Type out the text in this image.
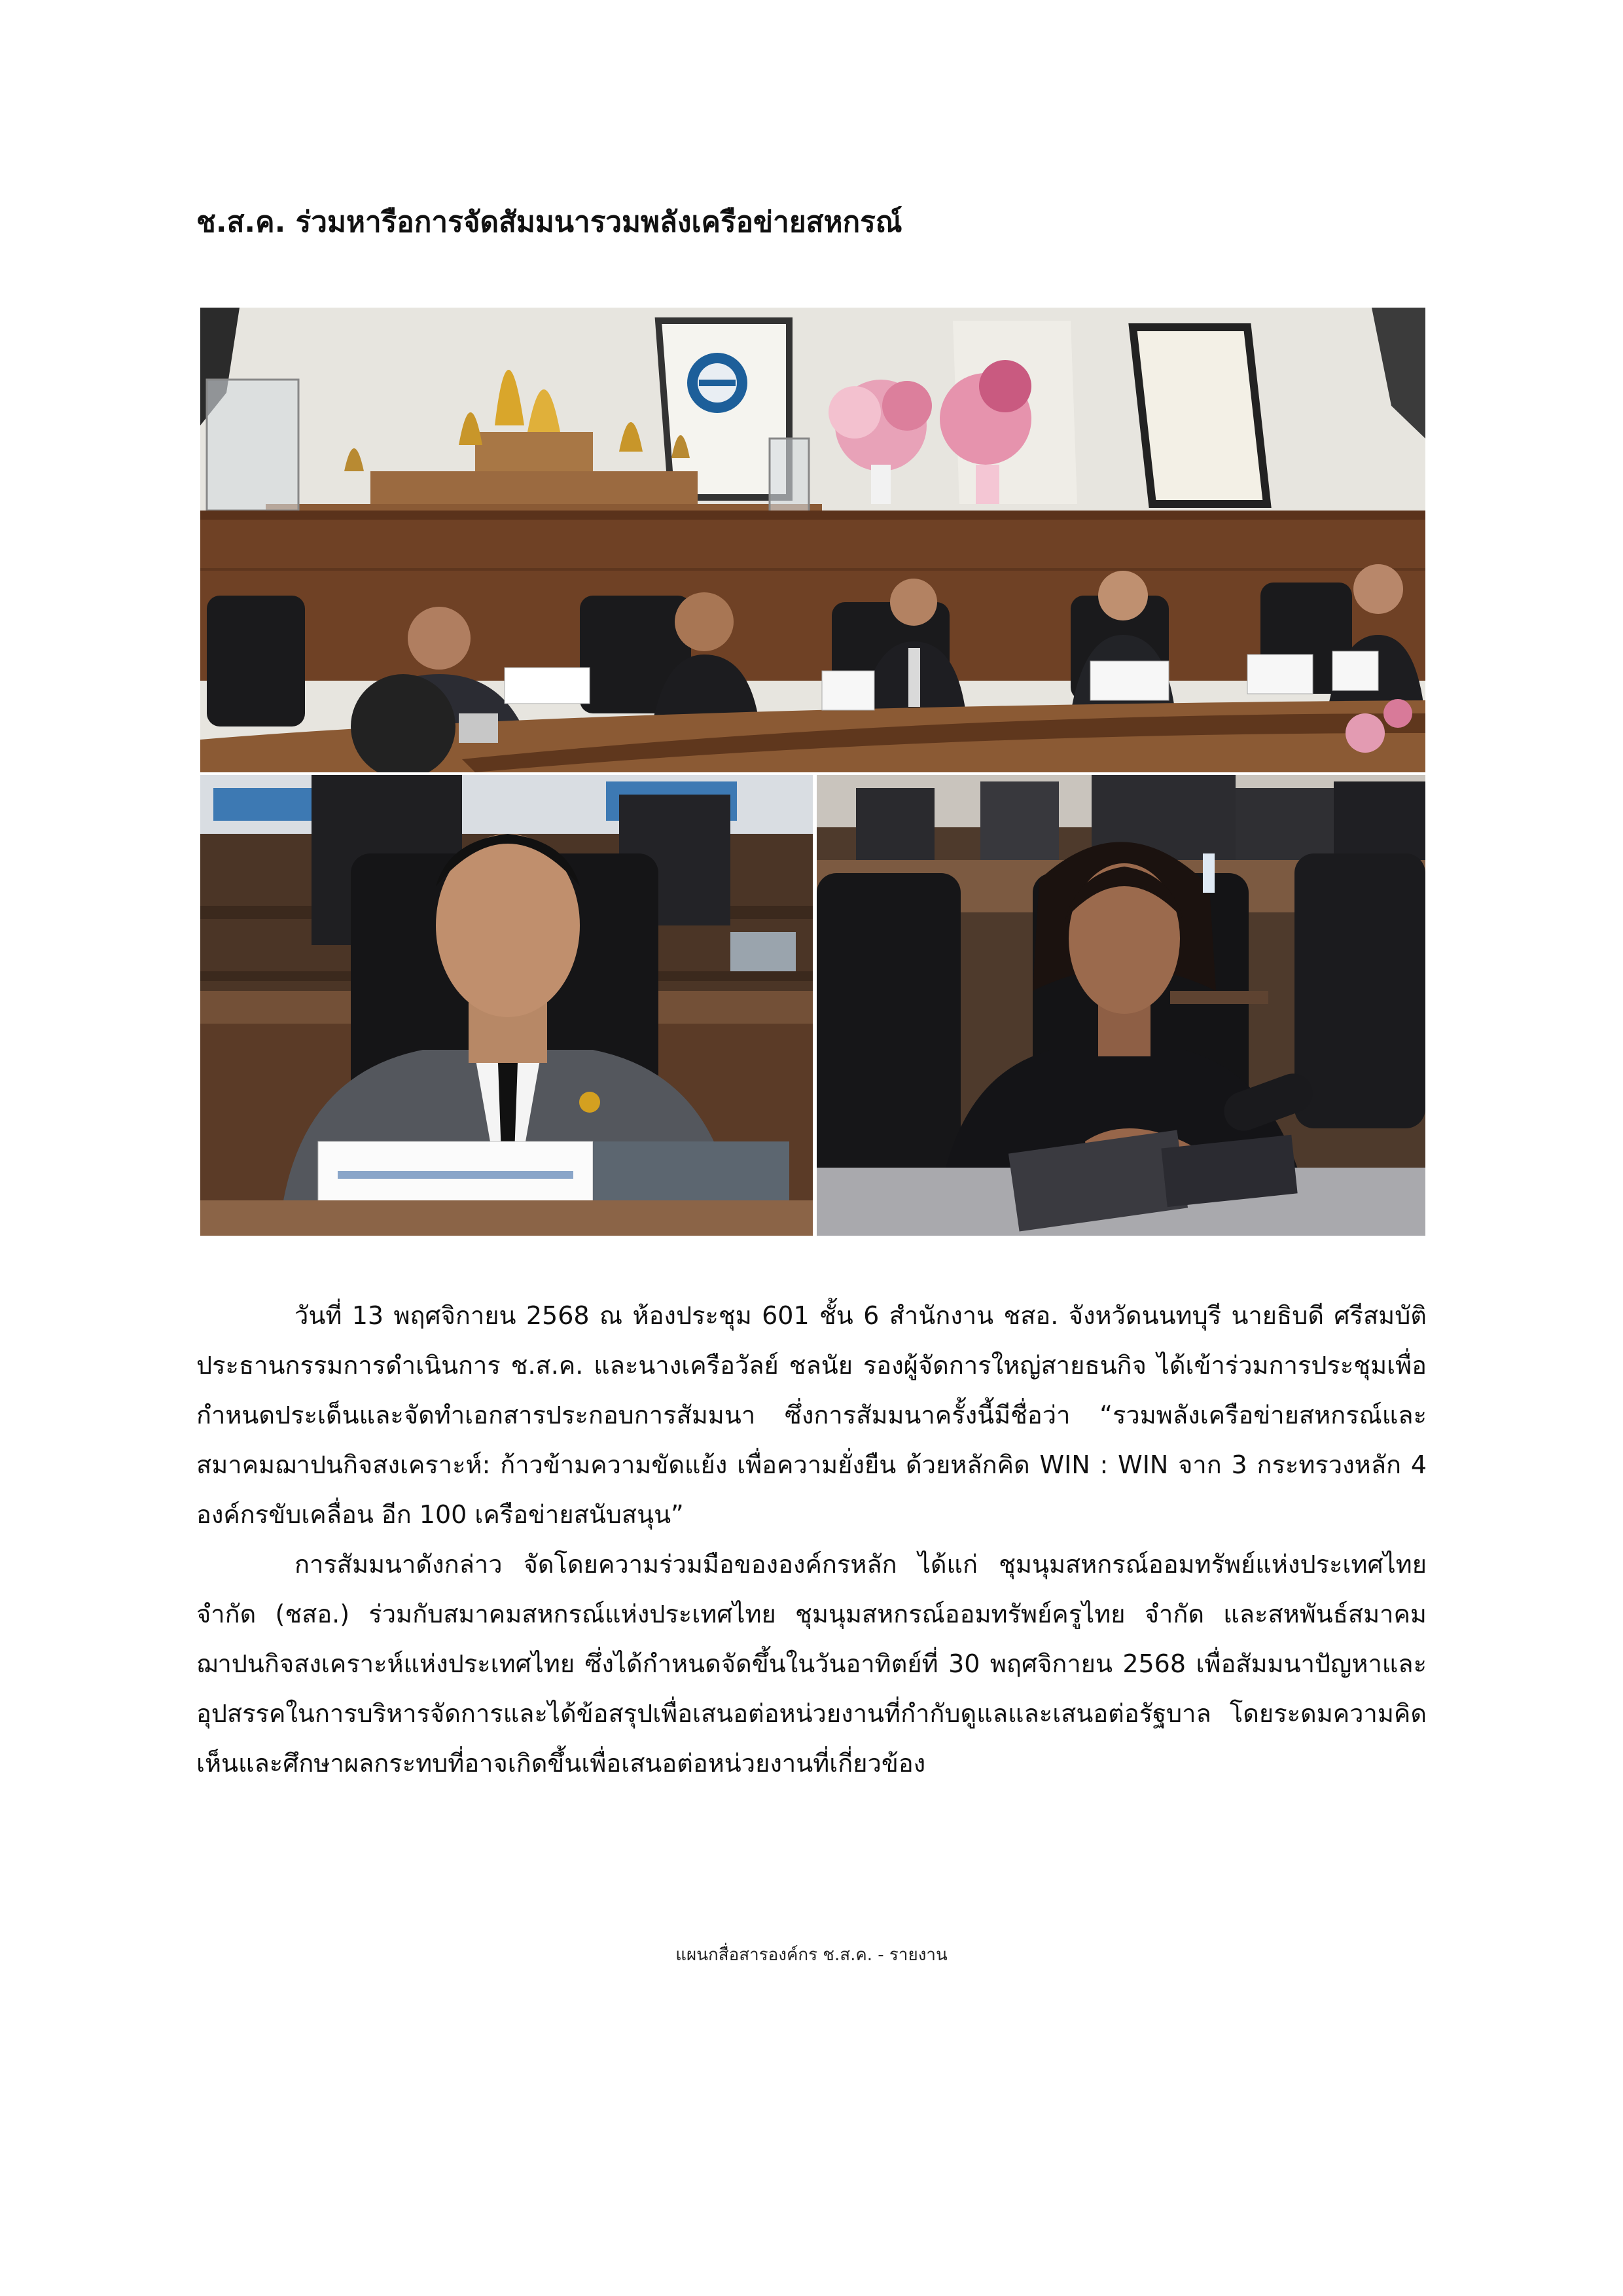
ช.ส.ค. ร่วมหารือการจัดสัมมนารวมพลังเครือข่ายสหกรณ์

วันที่ 13 พฤศจิกายน 2568 ณ ห้องประชุม 601 ชั้น 6 สำนักงาน ชสอ. จังหวัดนนทบุรี นายธิบดี ศรีสมบัติ ประธานกรรมการดำเนินการ ช.ส.ค. และนางเครือวัลย์ ชลนัย รองผู้จัดการใหญ่สายธนกิจ ได้เข้าร่วมการประชุมเพื่อกำหนดประเด็นและจัดทำเอกสารประกอบการสัมมนา ซึ่งการสัมมนาครั้งนี้มีชื่อว่า “รวมพลังเครือข่ายสหกรณ์และสมาคมฌาปนกิจสงเคราะห์: ก้าวข้ามความขัดแย้ง เพื่อความยั่งยืน ด้วยหลักคิด WIN : WIN จาก 3 กระทรวงหลัก 4 องค์กรขับเคลื่อน อีก 100 เครือข่ายสนับสนุน”

การสัมมนาดังกล่าว จัดโดยความร่วมมือขององค์กรหลัก ได้แก่ ชุมนุมสหกรณ์ออมทรัพย์แห่งประเทศไทย จำกัด (ชสอ.) ร่วมกับสมาคมสหกรณ์แห่งประเทศไทย ชุมนุมสหกรณ์ออมทรัพย์ครูไทย จำกัด และสหพันธ์สมาคมฌาปนกิจสงเคราะห์แห่งประเทศไทย ซึ่งได้กำหนดจัดขึ้นในวันอาทิตย์ที่ 30 พฤศจิกายน 2568 เพื่อสัมมนาปัญหาและอุปสรรคในการบริหารจัดการและได้ข้อสรุปเพื่อเสนอต่อหน่วยงานที่กำกับดูแลและเสนอต่อรัฐบาล โดยระดมความคิดเห็นและศึกษาผลกระทบที่อาจเกิดขึ้นเพื่อเสนอต่อหน่วยงานที่เกี่ยวข้อง

แผนกสื่อสารองค์กร ช.ส.ค. - รายงาน
